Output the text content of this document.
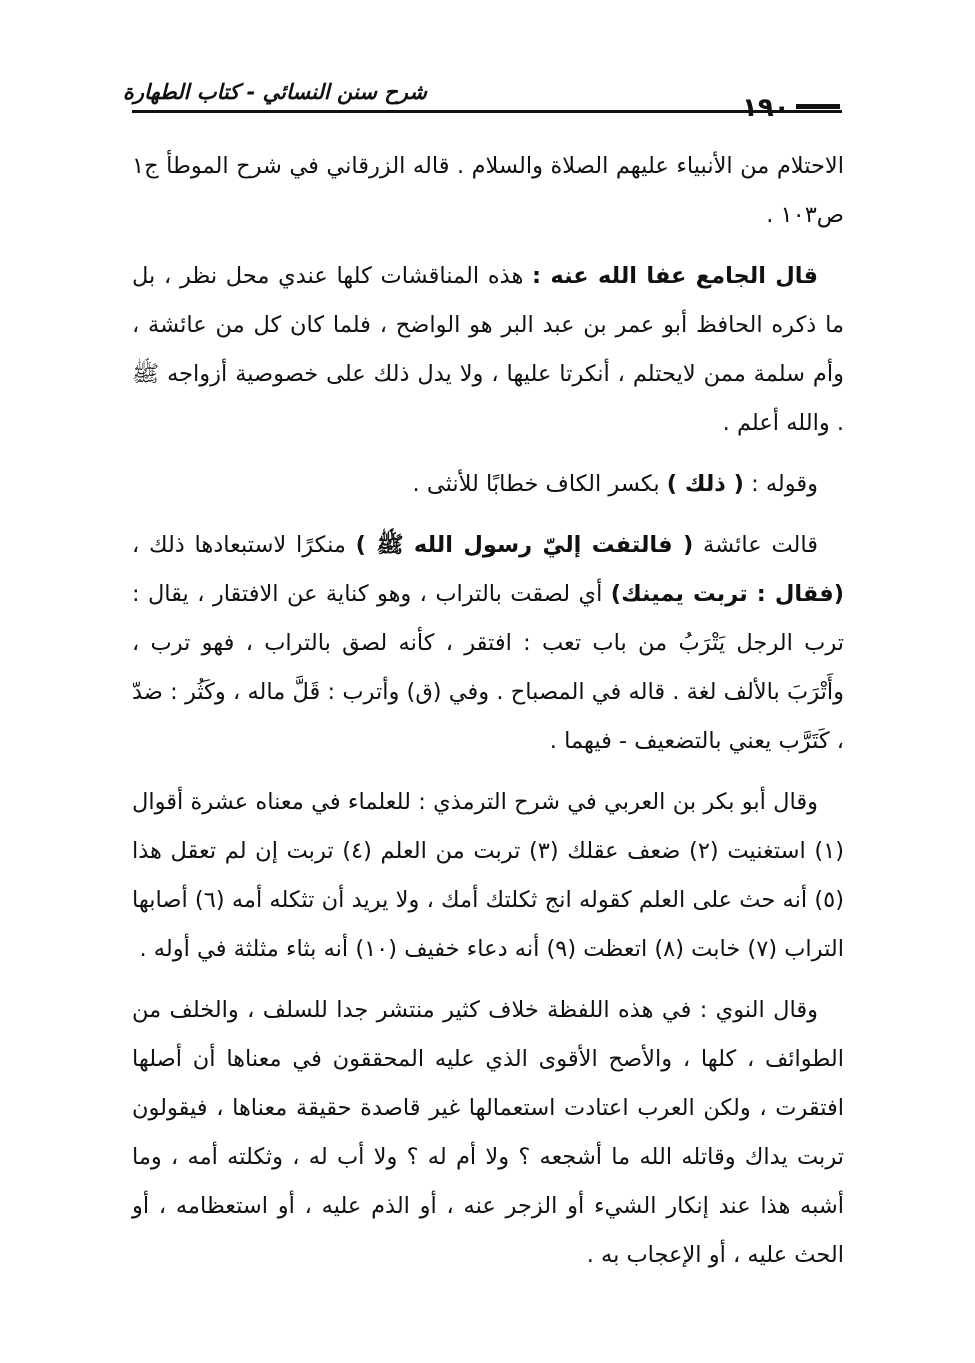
شرح سنن النسائي - كتاب الطهارة
١٩٠

الاحتلام من الأنبياء عليهم الصلاة والسلام . قاله الزرقاني في شرح الموطأ ج١ ص١٠٣ .

قال الجامع عفا الله عنه : هذه المناقشات كلها عندي محل نظر ، بل ما ذكره الحافظ أبو عمر بن عبد البر هو الواضح ، فلما كان كل من عائشة ، وأم سلمة ممن لايحتلم ، أنكرتا عليها ، ولا يدل ذلك على خصوصية أزواجه ﷺ . والله أعلم .

وقوله : ( ذلك ) بكسر الكاف خطابًا للأنثى .

قالت عائشة ( فالتفت إليّ رسول الله ﷺ ) منكرًا لاستبعادها ذلك ، (فقال : تربت يمينك) أي لصقت بالتراب ، وهو كناية عن الافتقار ، يقال : ترب الرجل يَتْرَبُ من باب تعب : افتقر ، كأنه لصق بالتراب ، فهو ترب ، وأَتْرَبَ بالألف لغة . قاله في المصباح . وفي (ق) وأترب : قَلَّ ماله ، وكَثُر : ضدّ ، كَتَرَّب يعني بالتضعيف - فيهما .

وقال أبو بكر بن العربي في شرح الترمذي : للعلماء في معناه عشرة أقوال (١) استغنيت (٢) ضعف عقلك (٣) تربت من العلم (٤) تربت إن لم تعقل هذا (٥) أنه حث على العلم كقوله انج ثكلتك أمك ، ولا يريد أن تثكله أمه (٦) أصابها التراب (٧) خابت (٨) اتعظت (٩) أنه دعاء خفيف (١٠) أنه بثاء مثلثة في أوله .

وقال النوي : في هذه اللفظة خلاف كثير منتشر جدا للسلف ، والخلف من الطوائف ، كلها ، والأصح الأقوى الذي عليه المحققون في معناها أن أصلها افتقرت ، ولكن العرب اعتادت استعمالها غير قاصدة حقيقة معناها ، فيقولون تربت يداك وقاتله الله ما أشجعه ؟ ولا أم له ؟ ولا أب له ، وثكلته أمه ، وما أشبه هذا عند إنكار الشيء أو الزجر عنه ، أو الذم عليه ، أو استعظامه ، أو الحث عليه ، أو الإعجاب به .
